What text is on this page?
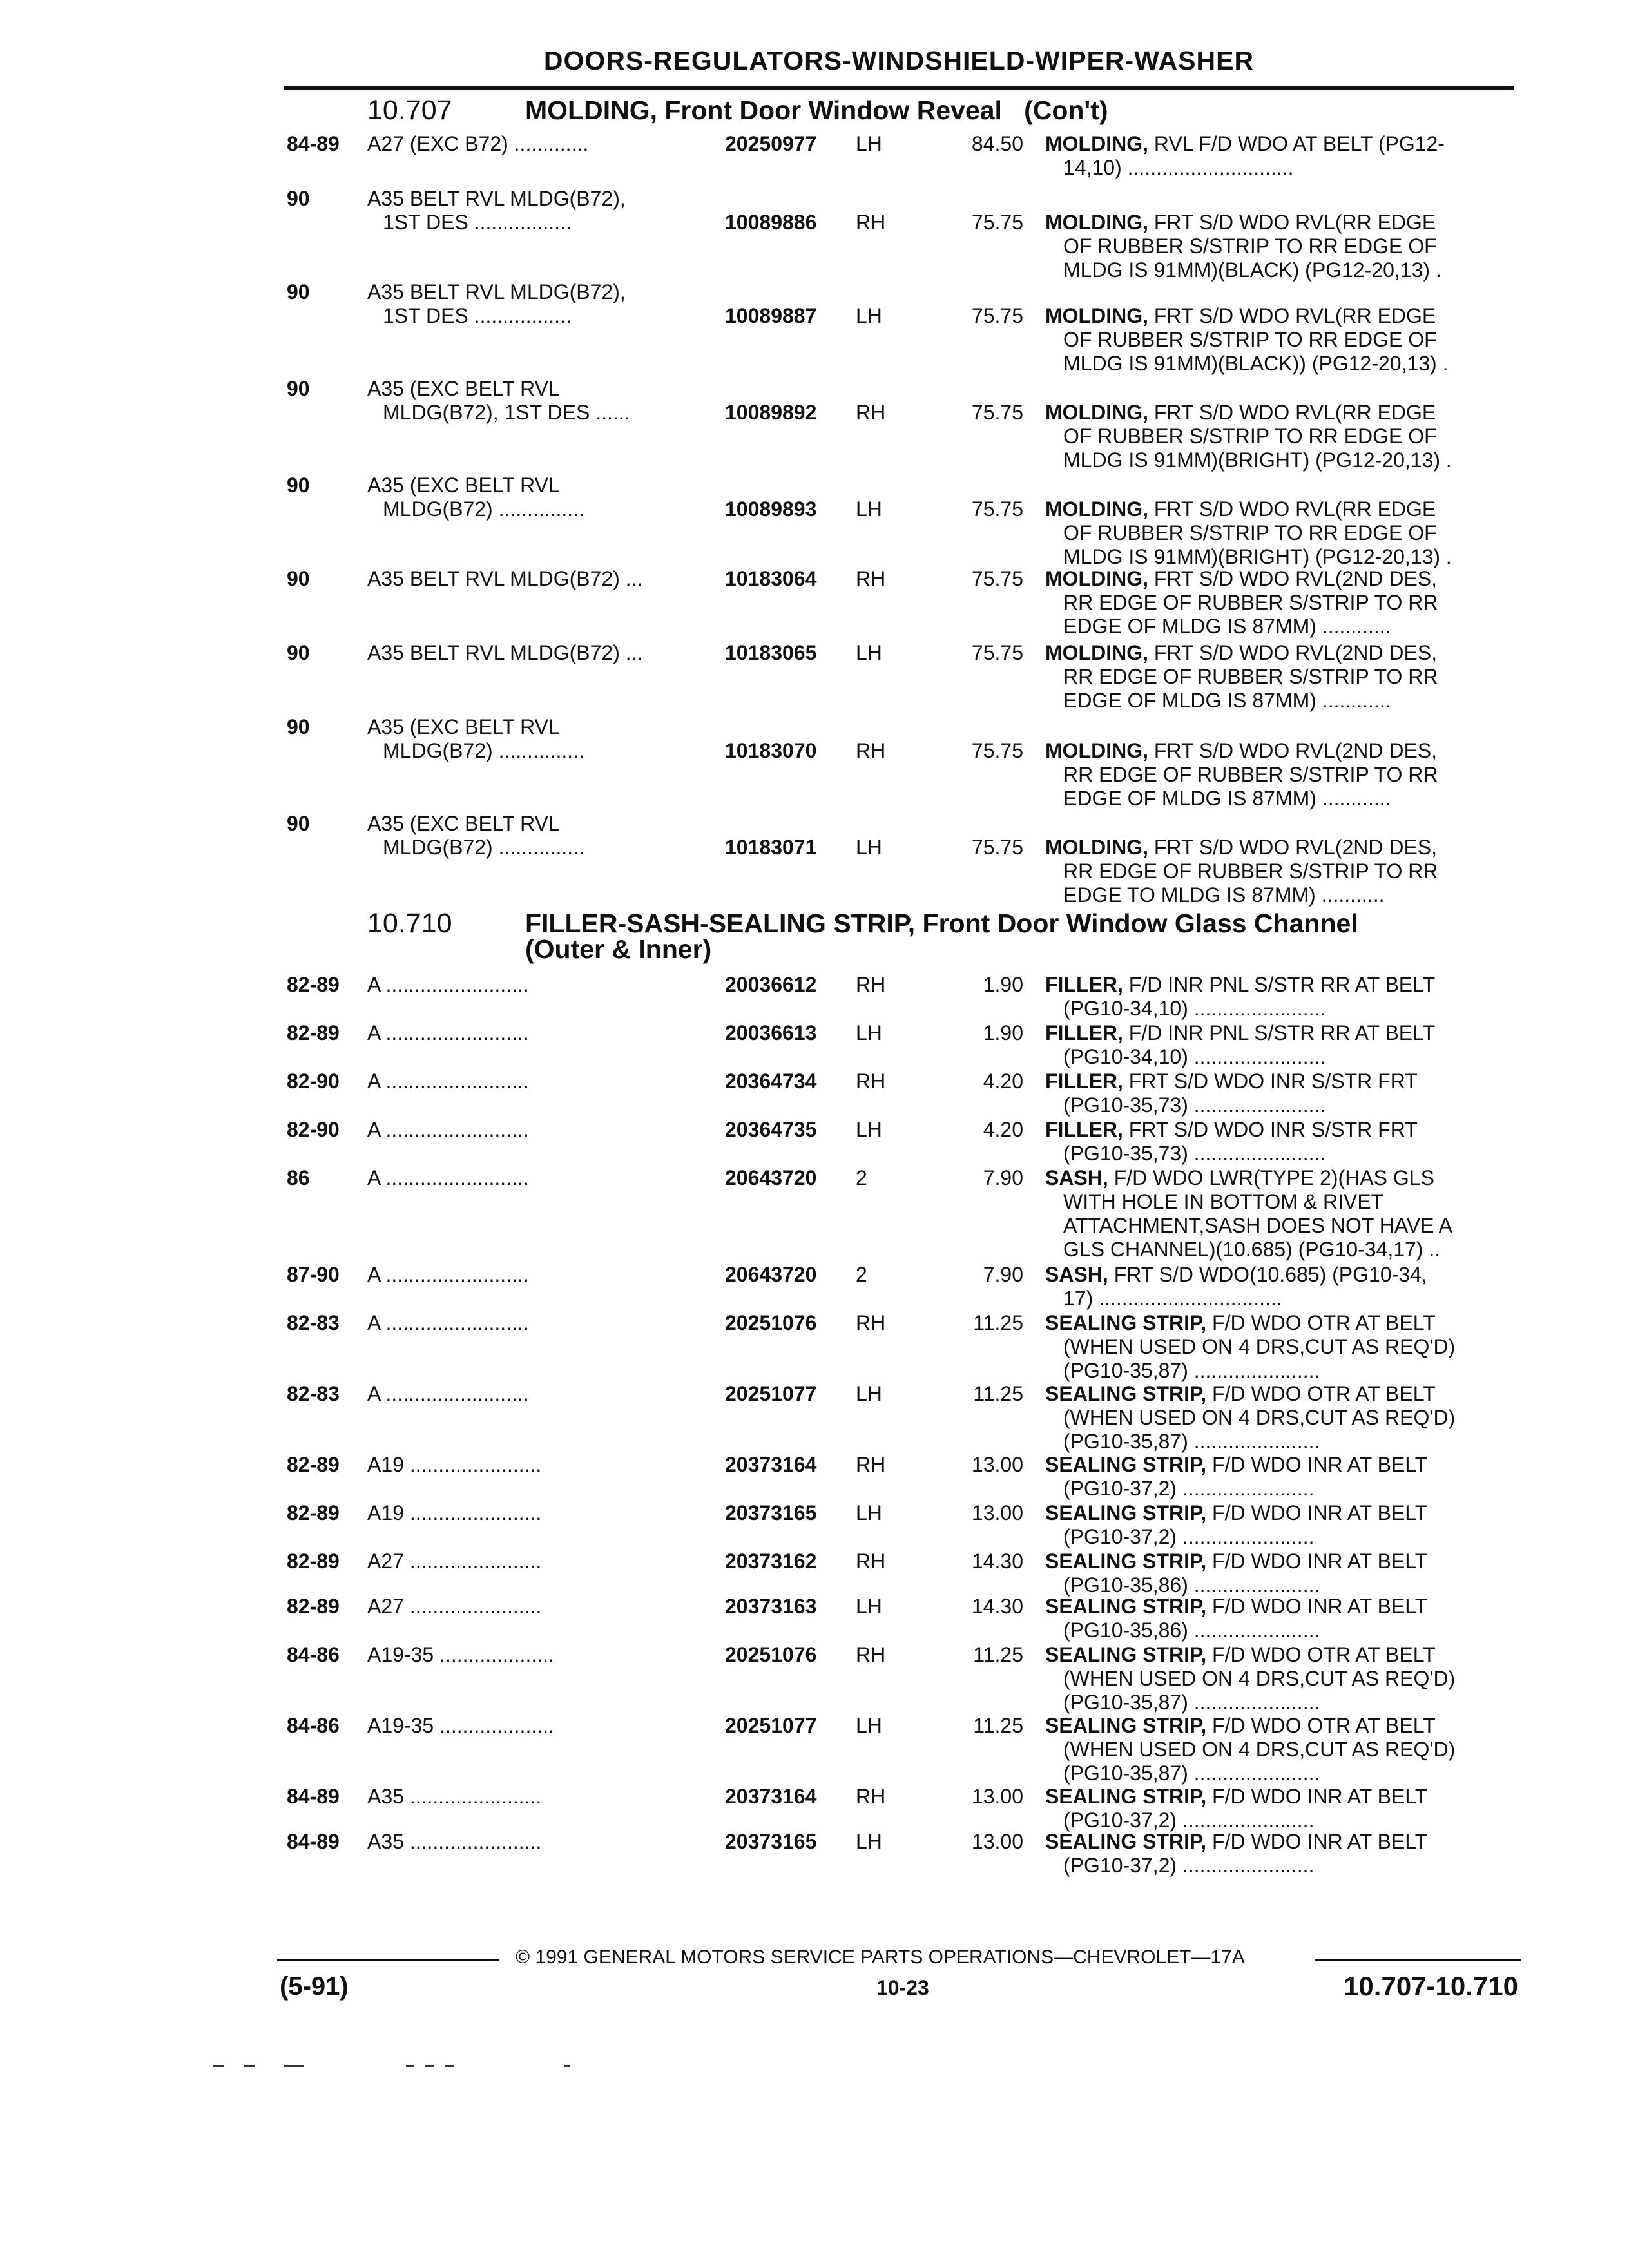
DOORS-REGULATORS-WINDSHIELD-WIPER-WASHER
10.707	MOLDING, Front Door Window Reveal   (Con't)
84-89 A27 (EXC B72) .............	20250977 LH	84.50 MOLDING, RVL F/D WDO AT BELT (PG12-
14,10) .............................
90	A35 BELT RVL MLDG(B72),
1ST DES .................	10089886 RH	75.75 MOLDING, FRT S/D WDO RVL(RR EDGE
OF RUBBER S/STRIP TO RR EDGE OF
MLDG IS 91MM)(BLACK) (PG12-20,13) .
90	A35 BELT RVL MLDG(B72),
1ST DES .................	10089887 LH	75.75 MOLDING, FRT S/D WDO RVL(RR EDGE
OF RUBBER S/STRIP TO RR EDGE OF
MLDG IS 91MM)(BLACK)) (PG12-20,13) .
90	A35 (EXC BELT RVL
MLDG(B72), 1ST DES ......	10089892 RH	75.75 MOLDING, FRT S/D WDO RVL(RR EDGE
OF RUBBER S/STRIP TO RR EDGE OF
MLDG IS 91MM)(BRIGHT) (PG12-20,13) .
90	A35 (EXC BELT RVL
MLDG(B72) ...............	10089893 LH	75.75 MOLDING, FRT S/D WDO RVL(RR EDGE
OF RUBBER S/STRIP TO RR EDGE OF
MLDG IS 91MM)(BRIGHT) (PG12-20,13) .
90	A35 BELT RVL MLDG(B72) ...	10183064 RH	75.75 MOLDING, FRT S/D WDO RVL(2ND DES,
RR EDGE OF RUBBER S/STRIP TO RR
EDGE OF MLDG IS 87MM) ............
90	A35 BELT RVL MLDG(B72) ...	10183065 LH	75.75 MOLDING, FRT S/D WDO RVL(2ND DES,
RR EDGE OF RUBBER S/STRIP TO RR
EDGE OF MLDG IS 87MM) ............
90	A35 (EXC BELT RVL
MLDG(B72) ...............	10183070 RH	75.75 MOLDING, FRT S/D WDO RVL(2ND DES,
RR EDGE OF RUBBER S/STRIP TO RR
EDGE OF MLDG IS 87MM) ............
90	A35 (EXC BELT RVL
MLDG(B72) ...............	10183071 LH	75.75 MOLDING, FRT S/D WDO RVL(2ND DES,
RR EDGE OF RUBBER S/STRIP TO RR
EDGE TO MLDG IS 87MM) ...........
10.710	FILLER-SASH-SEALING STRIP, Front Door Window Glass Channel
(Outer & Inner)
82-89 A .........................	20036612 RH	1.90 FILLER, F/D INR PNL S/STR RR AT BELT
(PG10-34,10) .......................
82-89 A .........................	20036613 LH	1.90 FILLER, F/D INR PNL S/STR RR AT BELT
(PG10-34,10) .......................
82-90 A .........................	20364734 RH	4.20 FILLER, FRT S/D WDO INR S/STR FRT
(PG10-35,73) .......................
82-90 A .........................	20364735 LH	4.20 FILLER, FRT S/D WDO INR S/STR FRT
(PG10-35,73) .......................
86	A .........................	20643720 2	7.90 SASH, F/D WDO LWR(TYPE 2)(HAS GLS
WITH HOLE IN BOTTOM & RIVET
ATTACHMENT,SASH DOES NOT HAVE A
GLS CHANNEL)(10.685) (PG10-34,17) ..
87-90 A .........................	20643720 2	7.90 SASH, FRT S/D WDO(10.685) (PG10-34,
17) ................................
82-83 A .........................	20251076 RH	11.25 SEALING STRIP, F/D WDO OTR AT BELT
(WHEN USED ON 4 DRS,CUT AS REQ'D)
(PG10-35,87) ......................
82-83 A .........................	20251077 LH	11.25 SEALING STRIP, F/D WDO OTR AT BELT
(WHEN USED ON 4 DRS,CUT AS REQ'D)
(PG10-35,87) ......................
82-89 A19 .......................	20373164 RH	13.00 SEALING STRIP, F/D WDO INR AT BELT
(PG10-37,2) .......................
82-89 A19 .......................	20373165 LH	13.00 SEALING STRIP, F/D WDO INR AT BELT
(PG10-37,2) .......................
82-89 A27 .......................	20373162 RH	14.30 SEALING STRIP, F/D WDO INR AT BELT
(PG10-35,86) ......................
82-89 A27 .......................	20373163 LH	14.30 SEALING STRIP, F/D WDO INR AT BELT
(PG10-35,86) ......................
84-86 A19-35 ....................	20251076 RH	11.25 SEALING STRIP, F/D WDO OTR AT BELT
(WHEN USED ON 4 DRS,CUT AS REQ'D)
(PG10-35,87) ......................
84-86 A19-35 ....................	20251077 LH	11.25 SEALING STRIP, F/D WDO OTR AT BELT
(WHEN USED ON 4 DRS,CUT AS REQ'D)
(PG10-35,87) ......................
84-89 A35 .......................	20373164 RH	13.00 SEALING STRIP, F/D WDO INR AT BELT
(PG10-37,2) .......................
84-89 A35 .......................	20373165 LH	13.00 SEALING STRIP, F/D WDO INR AT BELT
(PG10-37,2) .......................
© 1991 GENERAL MOTORS SERVICE PARTS OPERATIONS—CHEVROLET—17A
(5-91)	10-23	10.707-10.710
